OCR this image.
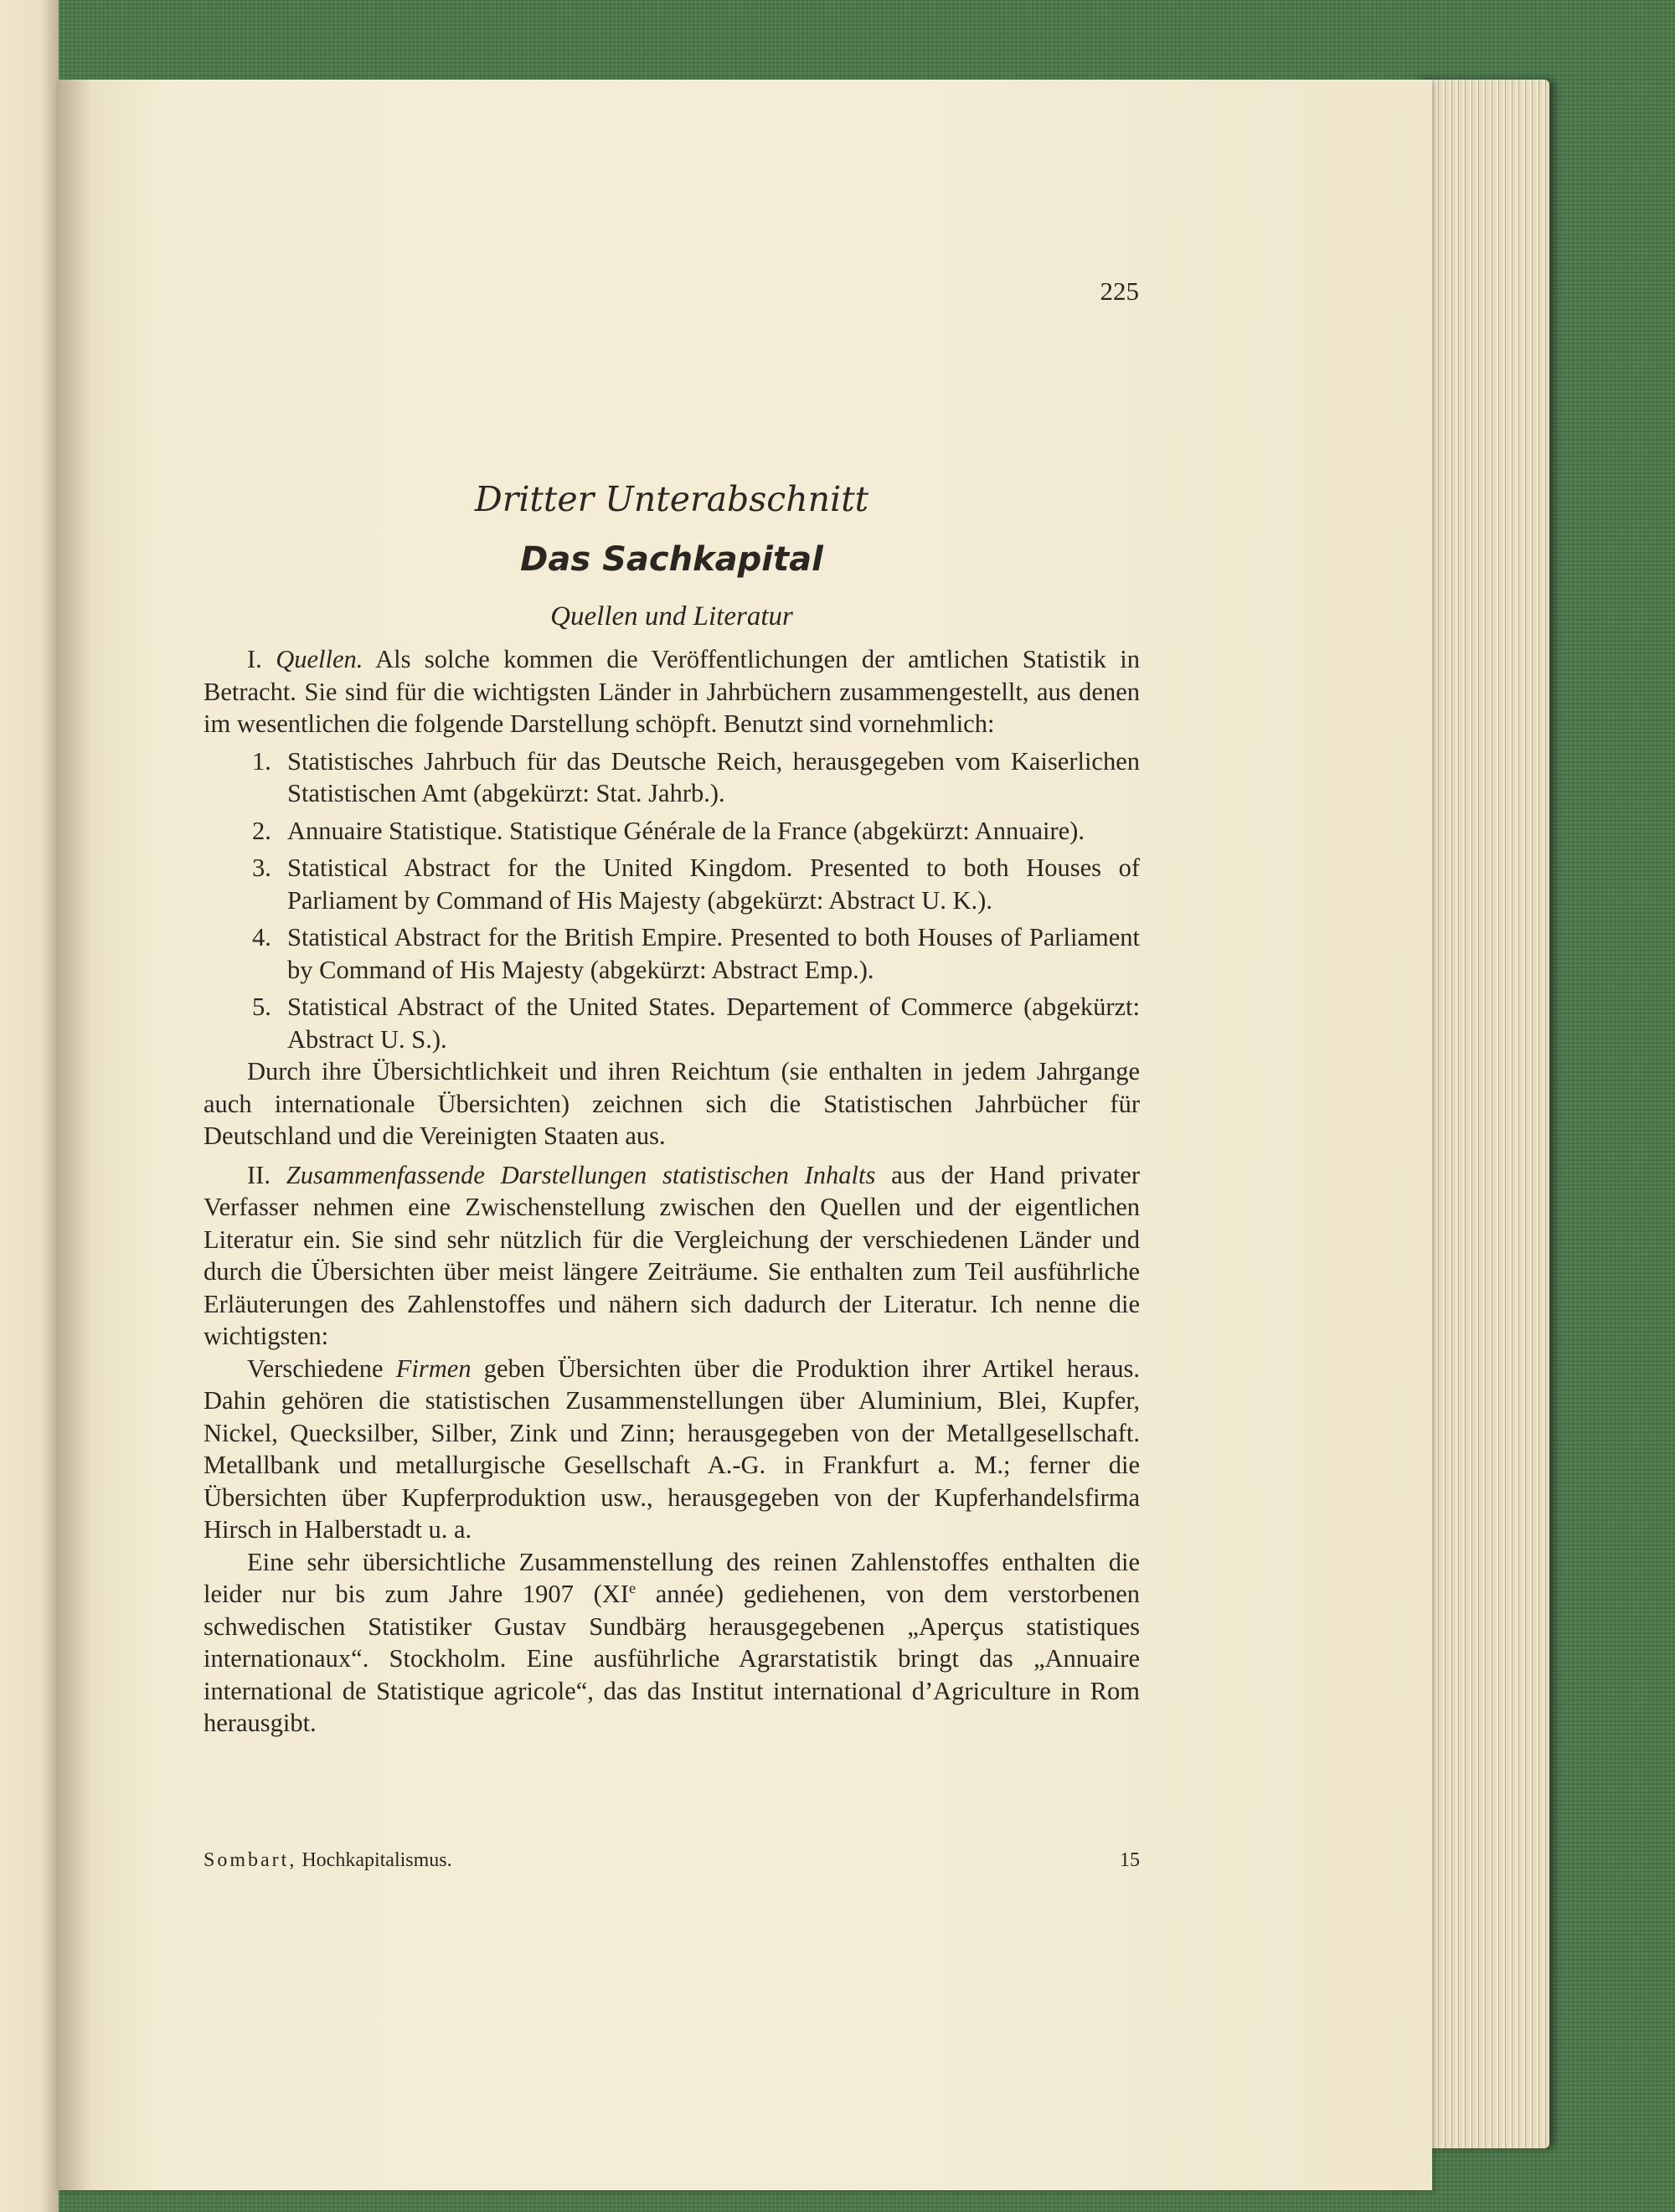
225
Dritter Unterabschnitt
Das Sachkapital
Quellen und Literatur

I. Quellen. Als solche kommen die Veröffentlichungen der amtlichen Statistik in Betracht. Sie sind für die wichtigsten Länder in Jahrbüchern zusammengestellt, aus denen im wesentlichen die folgende Darstellung schöpft. Benutzt sind vornehmlich:

1. Statistisches Jahrbuch für das Deutsche Reich, herausgegeben vom Kaiserlichen Statistischen Amt (abgekürzt: Stat. Jahrb.).
2. Annuaire Statistique. Statistique Générale de la France (abgekürzt: Annuaire).
3. Statistical Abstract for the United Kingdom. Presented to both Houses of Parliament by Command of His Majesty (abgekürzt: Abstract U. K.).
4. Statistical Abstract for the British Empire. Presented to both Houses of Parliament by Command of His Majesty (abgekürzt: Abstract Emp.).
5. Statistical Abstract of the United States. Departement of Commerce (abgekürzt: Abstract U. S.).

Durch ihre Übersichtlichkeit und ihren Reichtum (sie enthalten in jedem Jahrgange auch internationale Übersichten) zeichnen sich die Statistischen Jahrbücher für Deutschland und die Vereinigten Staaten aus.

II. Zusammenfassende Darstellungen statistischen Inhalts aus der Hand privater Verfasser nehmen eine Zwischenstellung zwischen den Quellen und der eigentlichen Literatur ein. Sie sind sehr nützlich für die Vergleichung der verschiedenen Länder und durch die Übersichten über meist längere Zeiträume. Sie enthalten zum Teil ausführliche Erläuterungen des Zahlenstoffes und nähern sich dadurch der Literatur. Ich nenne die wichtigsten:

Verschiedene Firmen geben Übersichten über die Produktion ihrer Artikel heraus. Dahin gehören die statistischen Zusammenstellungen über Aluminium, Blei, Kupfer, Nickel, Quecksilber, Silber, Zink und Zinn; herausgegeben von der Metallgesellschaft. Metallbank und metallurgische Gesellschaft A.-G. in Frankfurt a. M.; ferner die Übersichten über Kupferproduktion usw., herausgegeben von der Kupferhandelsfirma Hirsch in Halberstadt u. a.

Eine sehr übersichtliche Zusammenstellung des reinen Zahlenstoffes enthalten die leider nur bis zum Jahre 1907 (XIe année) gediehenen, von dem verstorbenen schwedischen Statistiker Gustav Sundbärg herausgegebenen „Aperçus statistiques internationaux“. Stockholm. Eine ausführliche Agrarstatistik bringt das „Annuaire international de Statistique agricole“, das das Institut international d’Agriculture in Rom herausgibt.

Sombart, Hochkapitalismus.	15
